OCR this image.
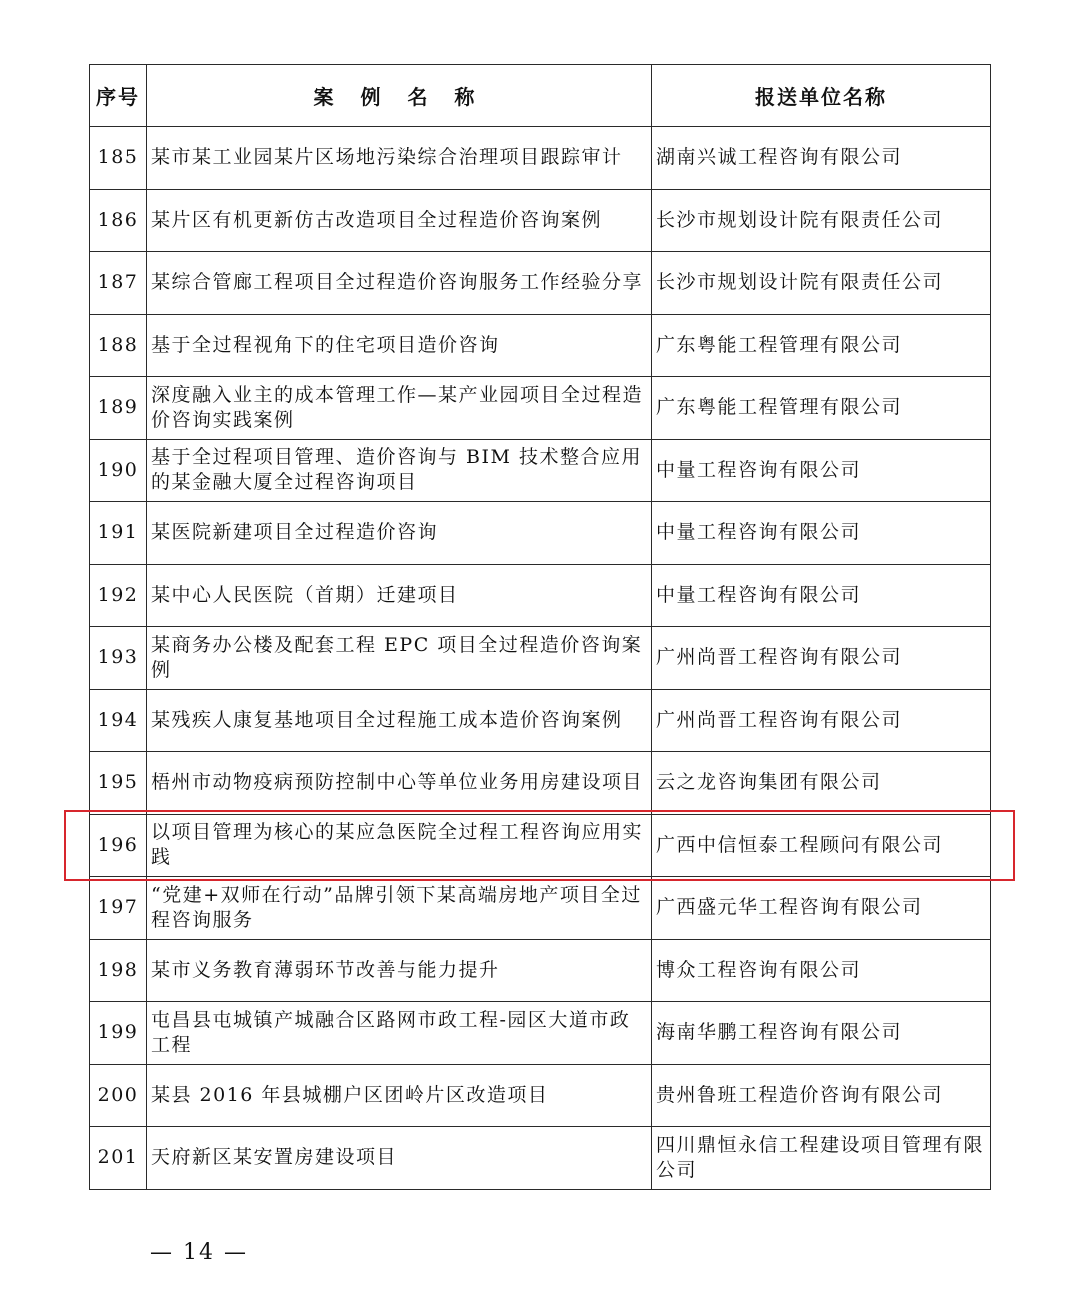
序号	案 例 名 称	报送单位名称
185	某市某工业园某片区场地污染综合治理项目跟踪审计	湖南兴诚工程咨询有限公司
186	某片区有机更新仿古改造项目全过程造价咨询案例	长沙市规划设计院有限责任公司
187	某综合管廊工程项目全过程造价咨询服务工作经验分享	长沙市规划设计院有限责任公司
188	基于全过程视角下的住宅项目造价咨询	广东粤能工程管理有限公司
189	深度融入业主的成本管理工作—某产业园项目全过程造价咨询实践案例	广东粤能工程管理有限公司
190	基于全过程项目管理、造价咨询与 BIM 技术整合应用的某金融大厦全过程咨询项目	中量工程咨询有限公司
191	某医院新建项目全过程造价咨询	中量工程咨询有限公司
192	某中心人民医院（首期）迁建项目	中量工程咨询有限公司
193	某商务办公楼及配套工程 EPC 项目全过程造价咨询案例	广州尚晋工程咨询有限公司
194	某残疾人康复基地项目全过程施工成本造价咨询案例	广州尚晋工程咨询有限公司
195	梧州市动物疫病预防控制中心等单位业务用房建设项目	云之龙咨询集团有限公司
196	以项目管理为核心的某应急医院全过程工程咨询应用实践	广西中信恒泰工程顾问有限公司
197	“党建+双师在行动”品牌引领下某高端房地产项目全过程咨询服务	广西盛元华工程咨询有限公司
198	某市义务教育薄弱环节改善与能力提升	博众工程咨询有限公司
199	屯昌县屯城镇产城融合区路网市政工程-园区大道市政工程	海南华鹏工程咨询有限公司
200	某县 2016 年县城棚户区团岭片区改造项目	贵州鲁班工程造价咨询有限公司
201	天府新区某安置房建设项目	四川鼎恒永信工程建设项目管理有限公司
— 14 —
